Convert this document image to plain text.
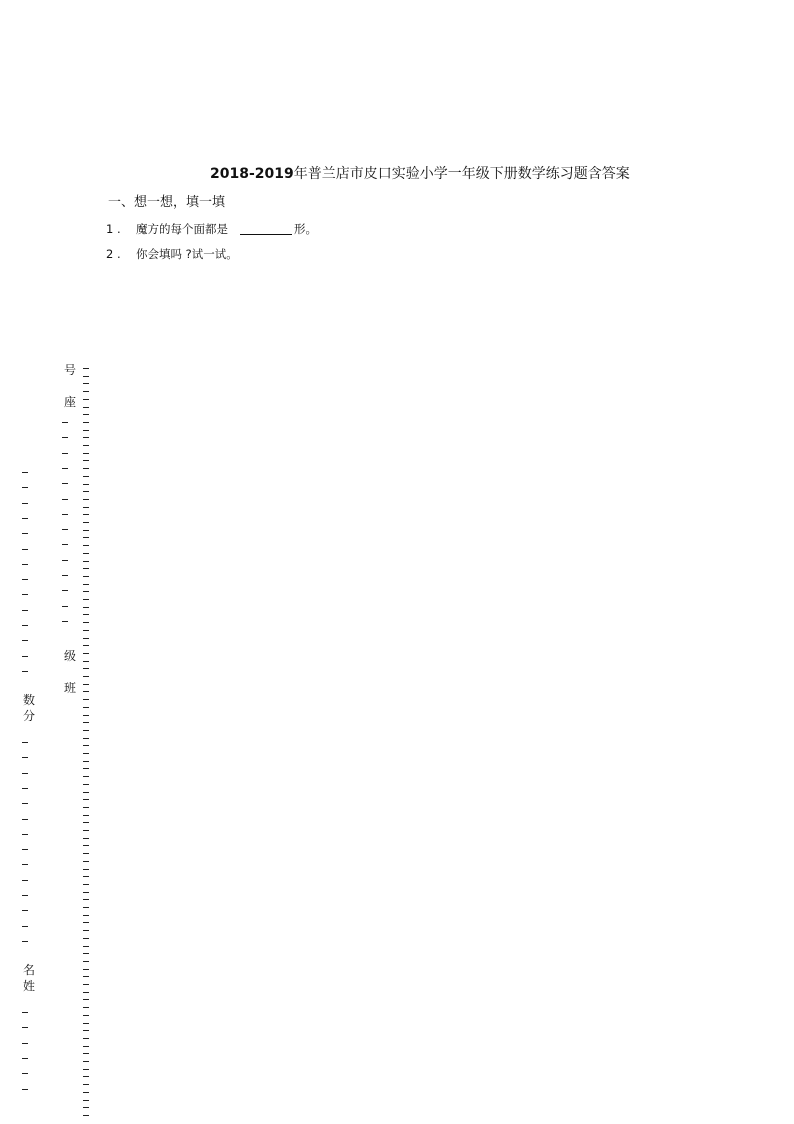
2018-2019年普兰店市皮口实验小学一年级下册数学练习题含答案
一、想一想，填一填
1 . 魔方的每个面都是	形。
2 . 你会填吗 ?试一试。
号 座
级 班
数 分
名 姓
